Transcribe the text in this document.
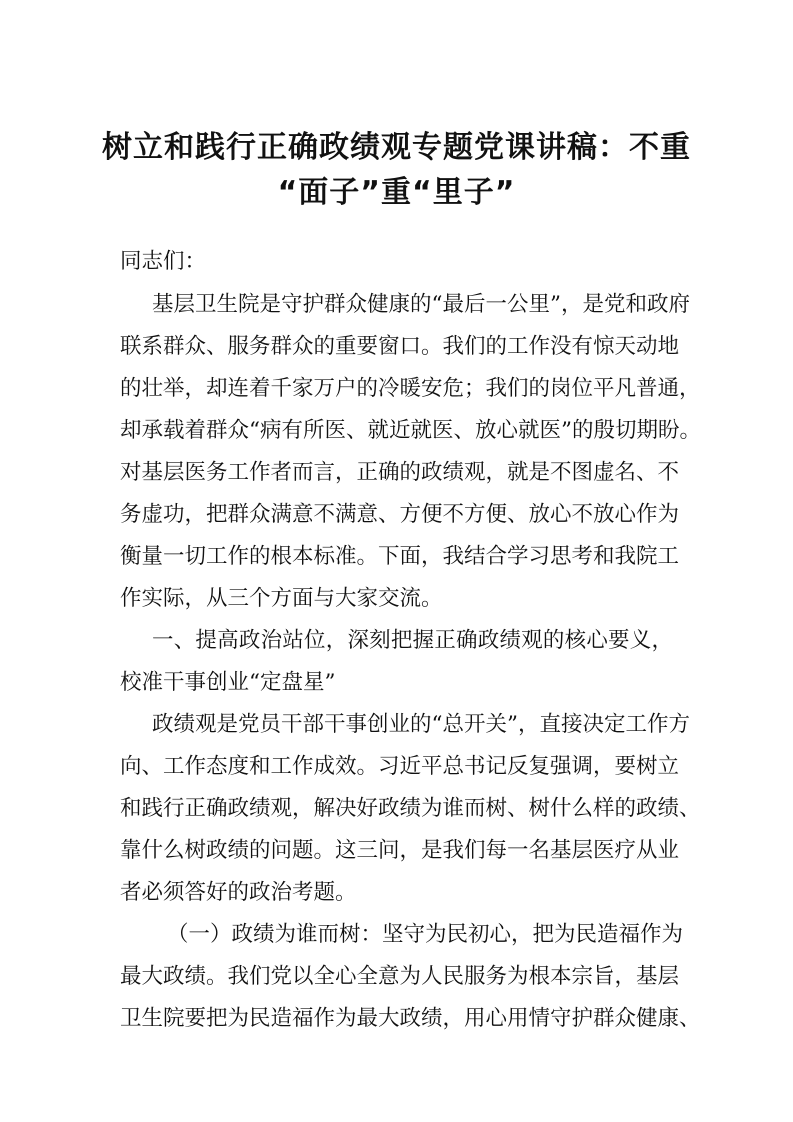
树立和践行正确政绩观专题党课讲稿：不重
“面子”重“里子”
同志们：
基层卫生院是守护群众健康的“最后一公里”，是党和政府
联系群众、服务群众的重要窗口。我们的工作没有惊天动地
的壮举，却连着千家万户的冷暖安危；我们的岗位平凡普通，
却承载着群众“病有所医、就近就医、放心就医”的殷切期盼。
对基层医务工作者而言，正确的政绩观，就是不图虚名、不
务虚功，把群众满意不满意、方便不方便、放心不放心作为
衡量一切工作的根本标准。下面，我结合学习思考和我院工
作实际，从三个方面与大家交流。
一、提高政治站位，深刻把握正确政绩观的核心要义，
校准干事创业“定盘星”
政绩观是党员干部干事创业的“总开关”，直接决定工作方
向、工作态度和工作成效。习近平总书记反复强调，要树立
和践行正确政绩观，解决好政绩为谁而树、树什么样的政绩、
靠什么树政绩的问题。这三问，是我们每一名基层医疗从业
者必须答好的政治考题。
（一）政绩为谁而树：坚守为民初心，把为民造福作为
最大政绩。我们党以全心全意为人民服务为根本宗旨，基层
卫生院要把为民造福作为最大政绩，用心用情守护群众健康、
